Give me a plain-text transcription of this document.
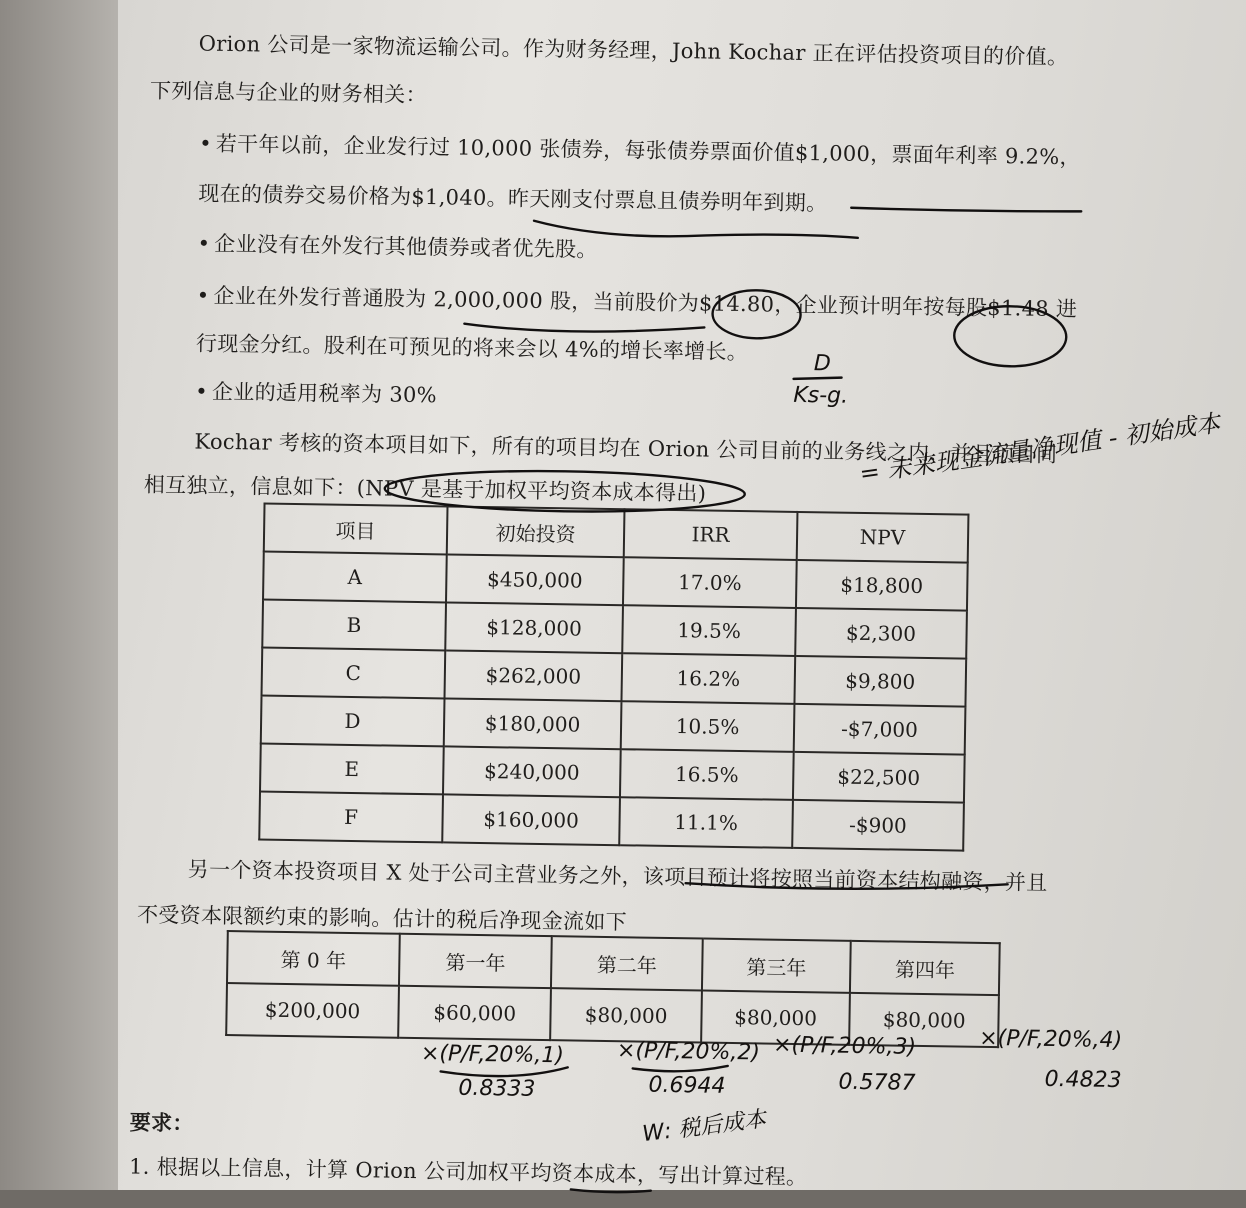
Orion 公司是一家物流运输公司。作为财务经理，John Kochar 正在评估投资项目的价值。
下列信息与企业的财务相关：
• 若干年以前，企业发行过 10,000 张债券，每张债券票面价值$1,000，票面年利率 9.2%，
现在的债券交易价格为$1,040。昨天刚支付票息且债券明年到期。
• 企业没有在外发行其他债券或者优先股。
• 企业在外发行普通股为 2,000,000 股，当前股价为$14.80，企业预计明年按每股$1.48 进
行现金分红。股利在可预见的将来会以 4%的增长率增长。
• 企业的适用税率为 30%
Kochar 考核的资本项目如下，所有的项目均在 Orion 公司目前的业务线之内，并且项目间
相互独立，信息如下：(NPV 是基于加权平均资本成本得出)
项目	初始投资	IRR	NPV
A	$450,000	17.0%	$18,800
B	$128,000	19.5%	$2,300
C	$262,000	16.2%	$9,800
D	$180,000	10.5%	-$7,000
E	$240,000	16.5%	$22,500
F	$160,000	11.1%	-$900
另一个资本投资项目 X 处于公司主营业务之外，该项目预计将按照当前资本结构融资，并且
不受资本限额约束的影响。估计的税后净现金流如下
第 0 年	第一年	第二年	第三年	第四年
$200,000	$60,000	$80,000	$80,000	$80,000
要求：
1. 根据以上信息，计算 Orion 公司加权平均资本成本，写出计算过程。
D
Ks-g.
= 未来现金流量净现值 - 初始成本
×(P/F,20%,1)
0.8333
×(P/F,20%,2)
0.6944
×(P/F,20%,3)
0.5787
×(P/F,20%,4)
0.4823
W: 税后成本
